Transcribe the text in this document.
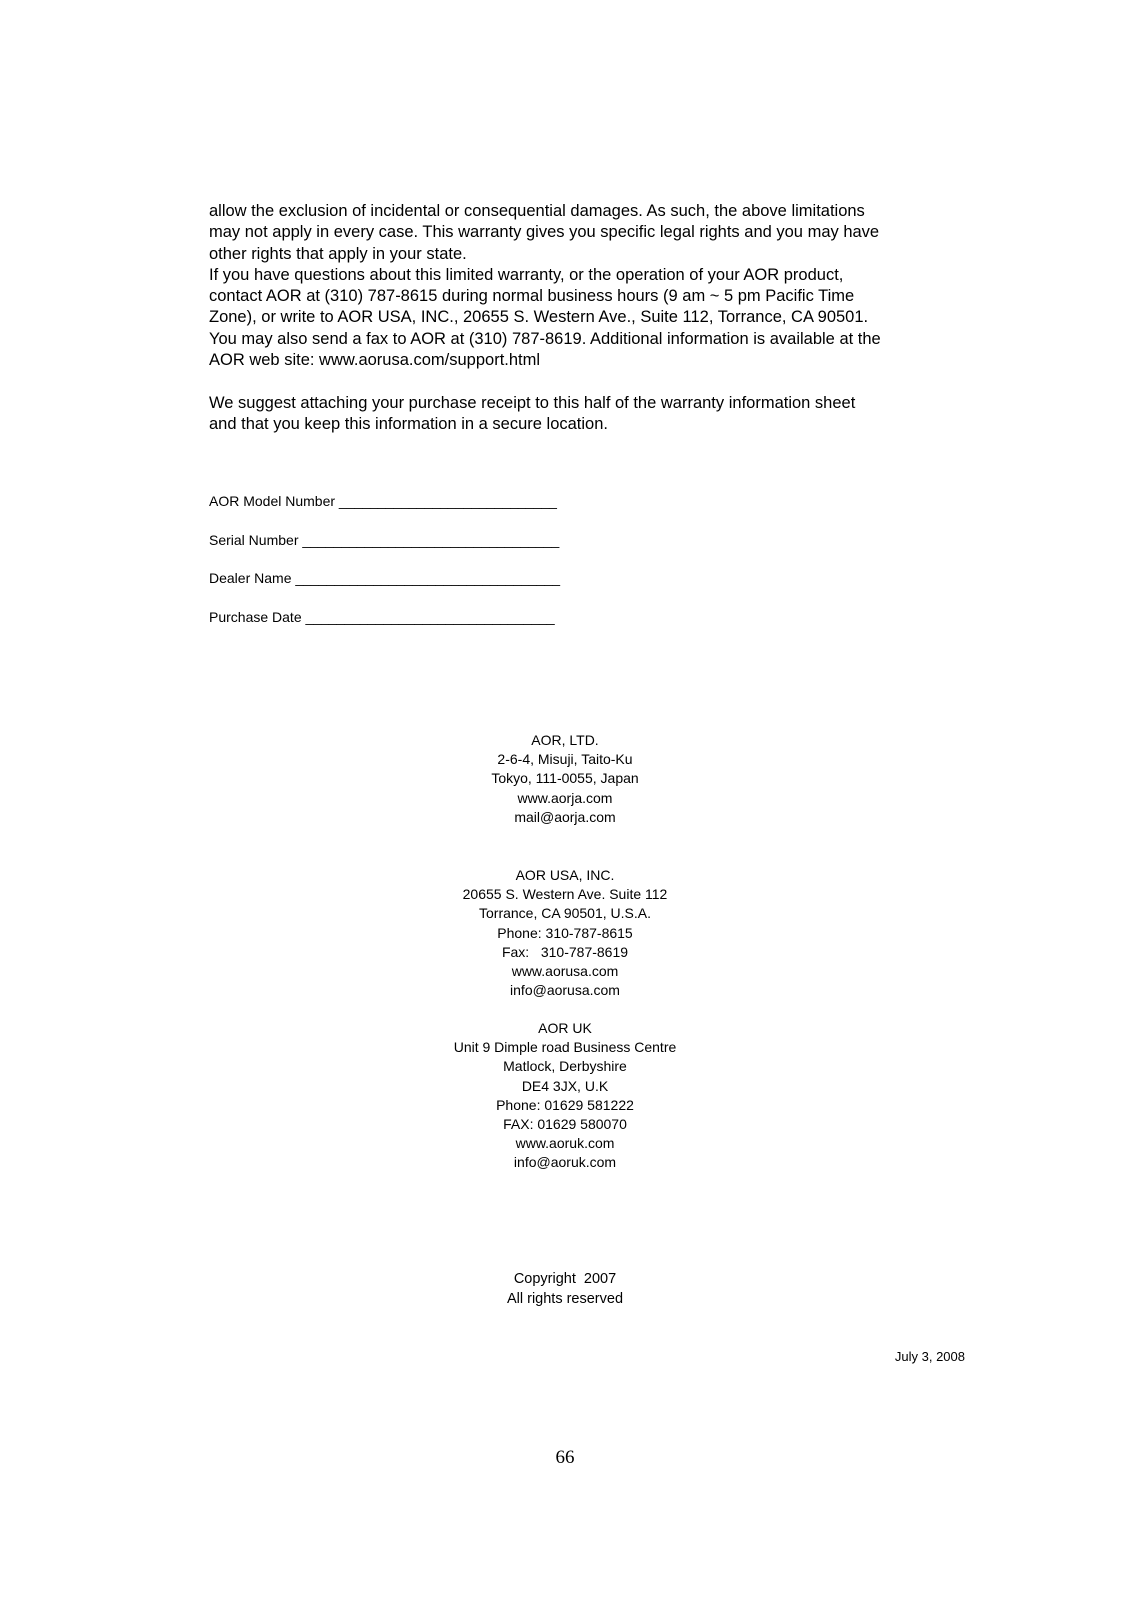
allow the exclusion of incidental or consequential damages. As such, the above limitations
may not apply in every case. This warranty gives you specific legal rights and you may have
other rights that apply in your state.
If you have questions about this limited warranty, or the operation of your AOR product,
contact AOR at (310) 787-8615 during normal business hours (9 am ~ 5 pm Pacific Time
Zone), or write to AOR USA, INC., 20655 S. Western Ave., Suite 112, Torrance, CA 90501.
You may also send a fax to AOR at (310) 787-8619. Additional information is available at the
AOR web site: www.aorusa.com/support.html
We suggest attaching your purchase receipt to this half of the warranty information sheet
and that you keep this information in a secure location.
AOR Model Number ____________________________
Serial Number _________________________________
Dealer Name __________________________________
Purchase Date ________________________________
AOR, LTD.
2-6-4, Misuji, Taito-Ku
Tokyo, 111-0055, Japan
www.aorja.com
mail@aorja.com
AOR USA, INC.
20655 S. Western Ave. Suite 112
Torrance, CA 90501, U.S.A.
Phone: 310-787-8615
Fax:   310-787-8619
www.aorusa.com
info@aorusa.com
AOR UK
Unit 9 Dimple road Business Centre
Matlock, Derbyshire
DE4 3JX, U.K
Phone: 01629 581222
FAX: 01629 580070
www.aoruk.com
info@aoruk.com
Copyright  2007
All rights reserved
July 3, 2008
66
